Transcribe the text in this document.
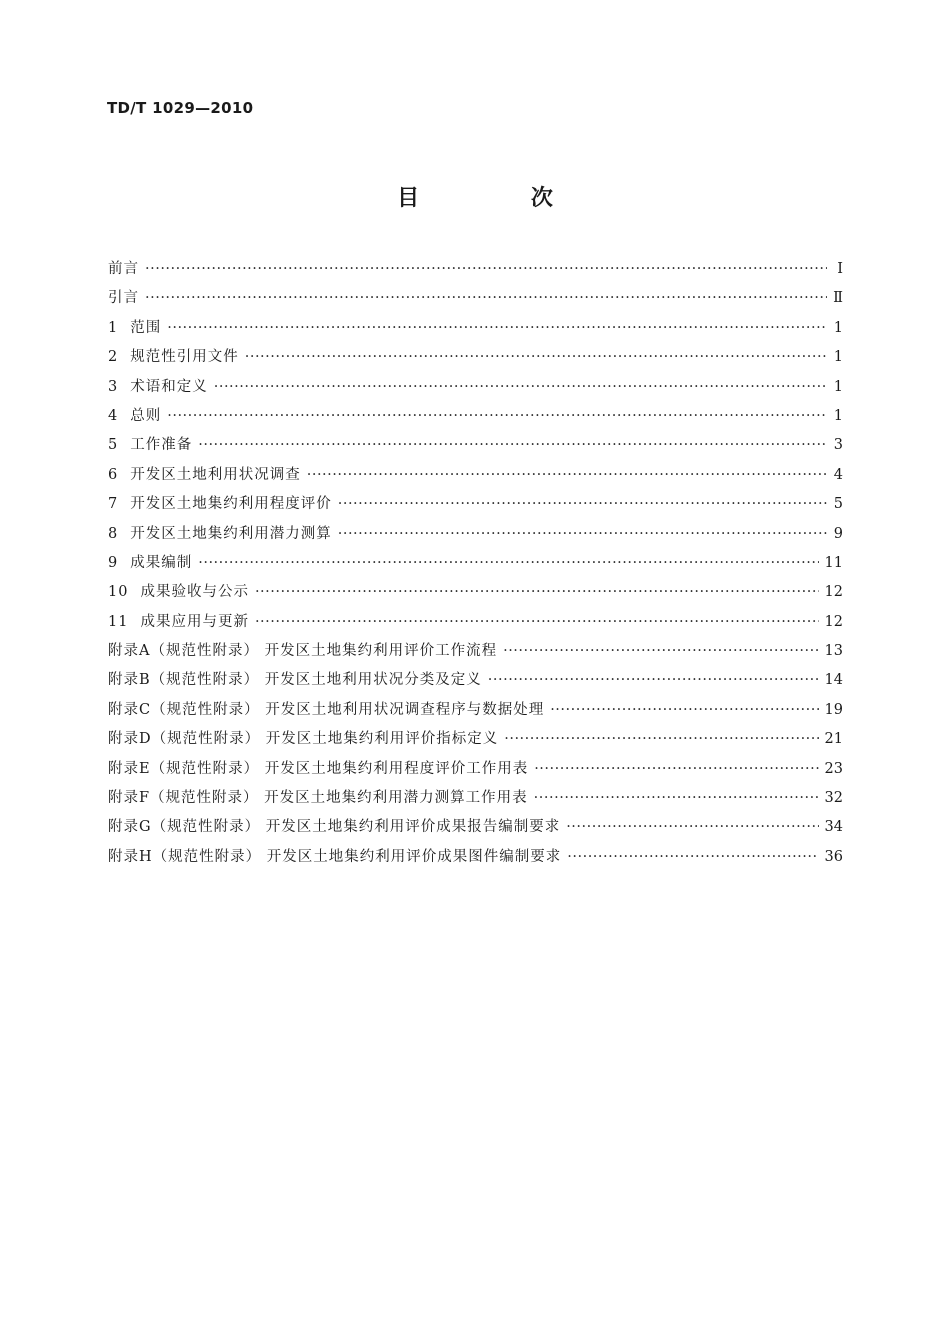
TD/T 1029—2010
目 次
前言 ·····	Ⅰ
引言 ·····	Ⅱ
1 范围 ·····	1
2 规范性引用文件 ·····	1
3 术语和定义 ·····	1
4 总则 ·····	1
5 工作准备 ·····	3
6 开发区土地利用状况调查 ·····	4
7 开发区土地集约利用程度评价 ·····	5
8 开发区土地集约利用潜力测算 ·····	9
9 成果编制 ·····	11
10 成果验收与公示 ·····	12
11 成果应用与更新 ·····	12
附录A（规范性附录） 开发区土地集约利用评价工作流程 ·····	13
附录B（规范性附录） 开发区土地利用状况分类及定义 ·····	14
附录C（规范性附录） 开发区土地利用状况调查程序与数据处理 ·····	19
附录D（规范性附录） 开发区土地集约利用评价指标定义 ·····	21
附录E（规范性附录） 开发区土地集约利用程度评价工作用表 ·····	23
附录F（规范性附录） 开发区土地集约利用潜力测算工作用表 ·····	32
附录G（规范性附录） 开发区土地集约利用评价成果报告编制要求 ·····	34
附录H（规范性附录） 开发区土地集约利用评价成果图件编制要求 ·····	36
